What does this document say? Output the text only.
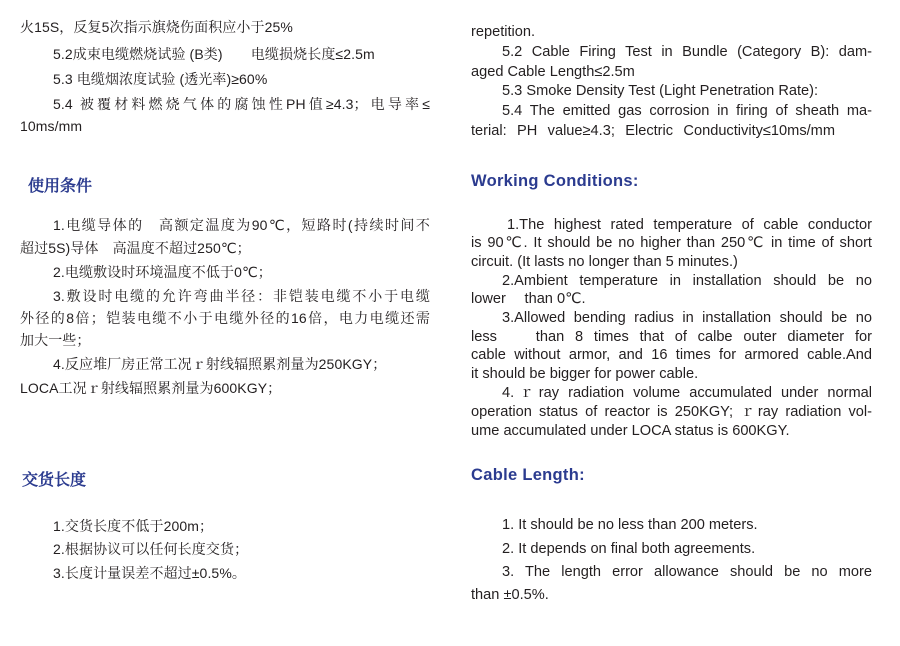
火15S，反复5次指示旗烧伤面积应小于25%
5.2成束电缆燃烧试验 (B类)　　电缆损烧长度≤2.5m
5.3 电缆烟浓度试验 (透光率)≥60%
5.4 被覆材料燃烧气体的腐蚀性PH值≥4.3；电导率≤
10ms/mm
使用条件
1.电缆导体的　高额定温度为90℃，短路时(持续时间不
超过5S)导体　高温度不超过250℃；
2.电缆敷设时环境温度不低于0℃；
3.敷设时电缆的允许弯曲半径：非铠装电缆不小于电缆
外径的8倍；铠装电缆不小于电缆外径的16倍，电力电缆还需
加大一些；
4.反应堆厂房正常工况ｒ射线辐照累剂量为250KGY；
LOCA工况ｒ射线辐照累剂量为600KGY；
交货长度
1.交货长度不低于200m；
2.根据协议可以任何长度交货；
3.长度计量误差不超过±0.5%。
repetition.
5.2 Cable Firing Test in Bundle (Category B): dam-
aged Cable Length≤2.5m
5.3 Smoke Density Test (Light Penetration Rate):
5.4 The emitted gas corrosion in firing of sheath ma-
terial: PH value≥4.3; Electric Conductivity≤10ms/mm
Working Conditions:
1.The highest rated temperature of cable conductor
is 90℃. It should be no higher than 250℃ in time of short
circuit. (It lasts no longer than 5 minutes.)
2.Ambient temperature in installation should be no
lower　 than 0℃.
3.Allowed bending radius in installation should be no
less　 than 8 times that of calbe outer diameter for
cable without armor, and 16 times for armored cable.And
it should be bigger for power cable.
4.ｒray radiation volume accumulated under normal
operation status of reactor is 250KGY; ｒray radiation vol-
ume accumulated under LOCA status is 600KGY.
Cable Length:
1. It should be no less than 200 meters.
2. It depends on final both agreements.
3. The length error allowance should be no more
than ±0.5%.
